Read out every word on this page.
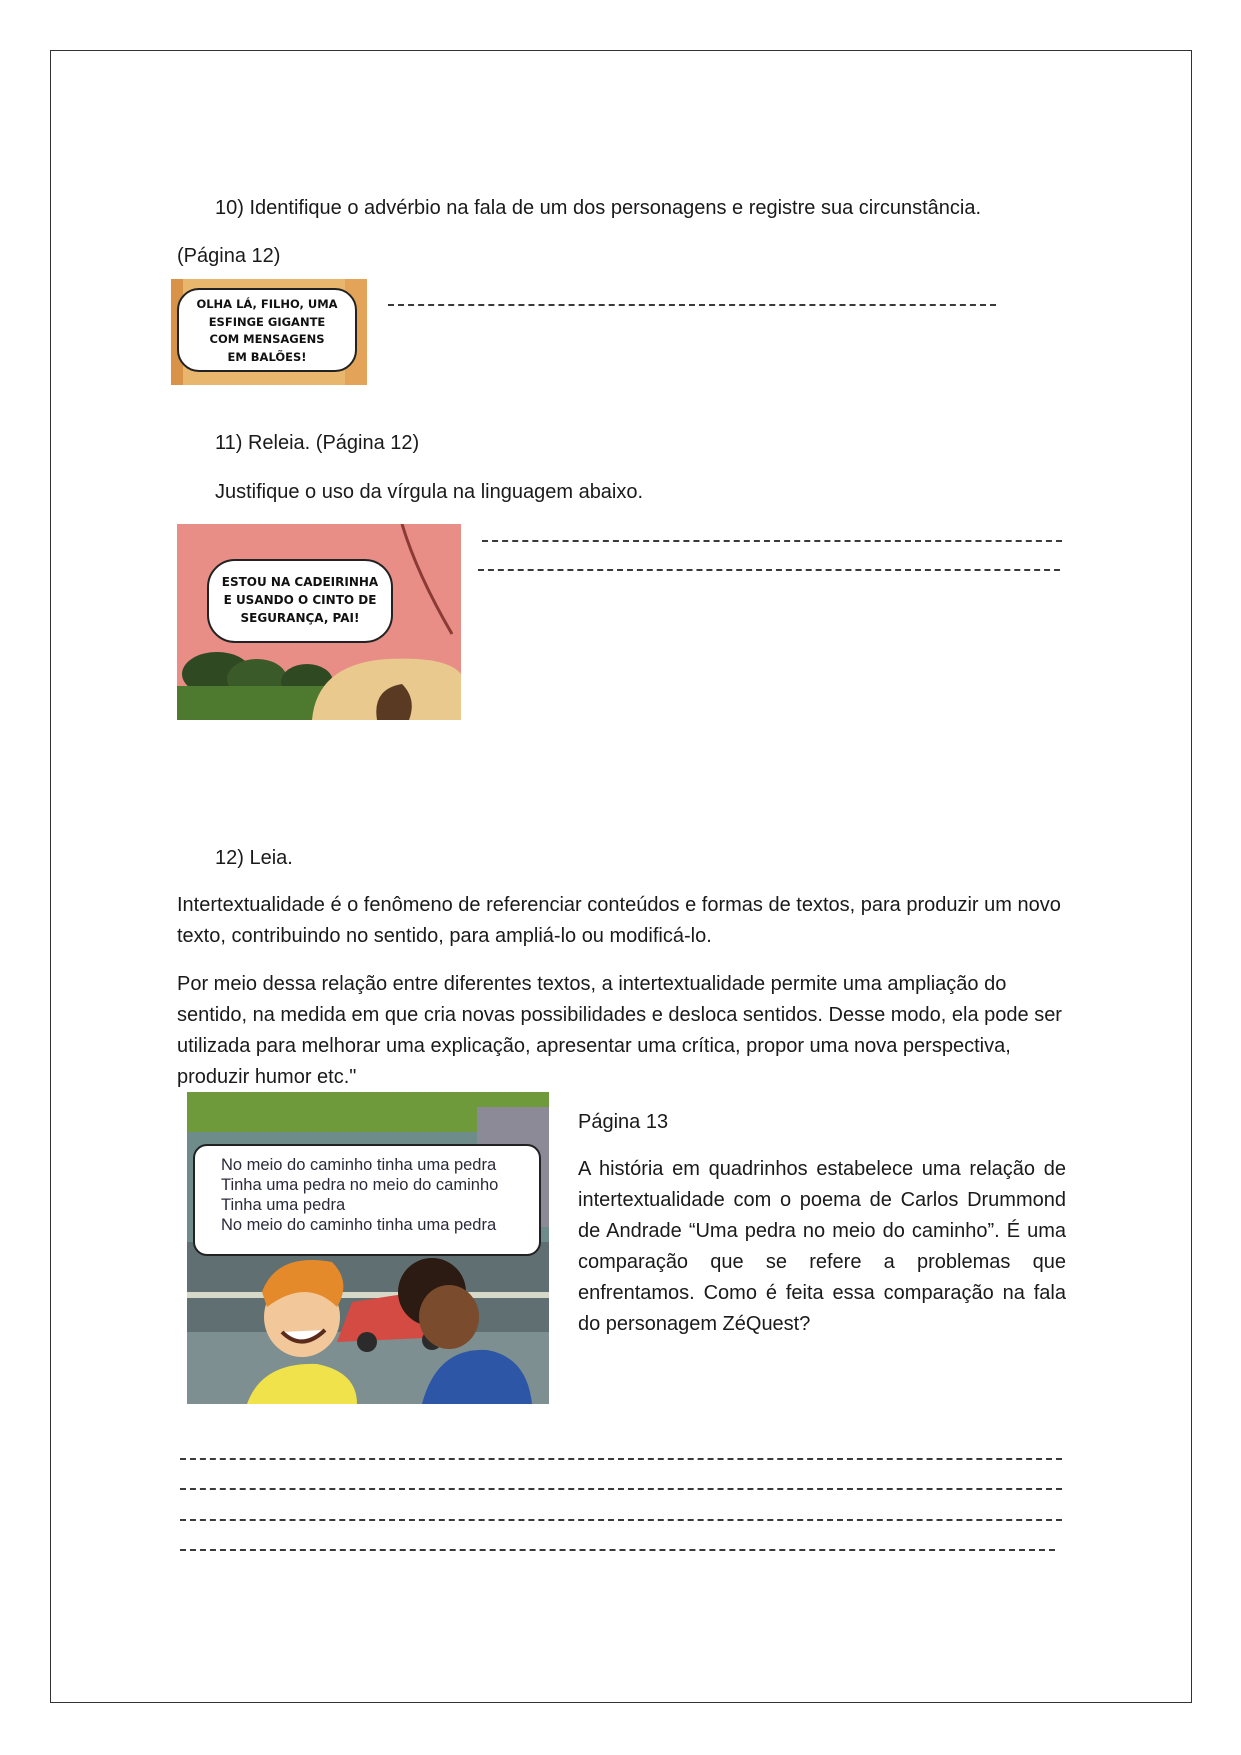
10) Identifique o advérbio na fala de um dos personagens e registre sua circunstância.
(Página 12)
OLHA LÁ, FILHO, UMA
ESFINGE GIGANTE
COM MENSAGENS
EM BALÕES!
11) Releia. (Página 12)
Justifique o uso da vírgula na linguagem abaixo.
ESTOU NA CADEIRINHA
E USANDO O CINTO DE
SEGURANÇA, PAI!
12) Leia.
Intertextualidade é o fenômeno de referenciar conteúdos e formas de textos, para produzir um novo texto, contribuindo no sentido, para ampliá-lo ou modificá-lo.
Por meio dessa relação entre diferentes textos, a intertextualidade permite uma ampliação do sentido, na medida em que cria novas possibilidades e desloca sentidos. Desse modo, ela pode ser utilizada para melhorar uma explicação, apresentar uma crítica, propor uma nova perspectiva, produzir humor etc."
No meio do caminho tinha uma pedra
Tinha uma pedra no meio do caminho
Tinha uma pedra
No meio do caminho tinha uma pedra
Página 13
A história em quadrinhos estabelece uma relação de intertextualidade com o poema de Carlos Drummond de Andrade “Uma pedra no meio do caminho”. É uma comparação que se refere a problemas que enfrentamos. Como é feita essa comparação na fala do personagem ZéQuest?
